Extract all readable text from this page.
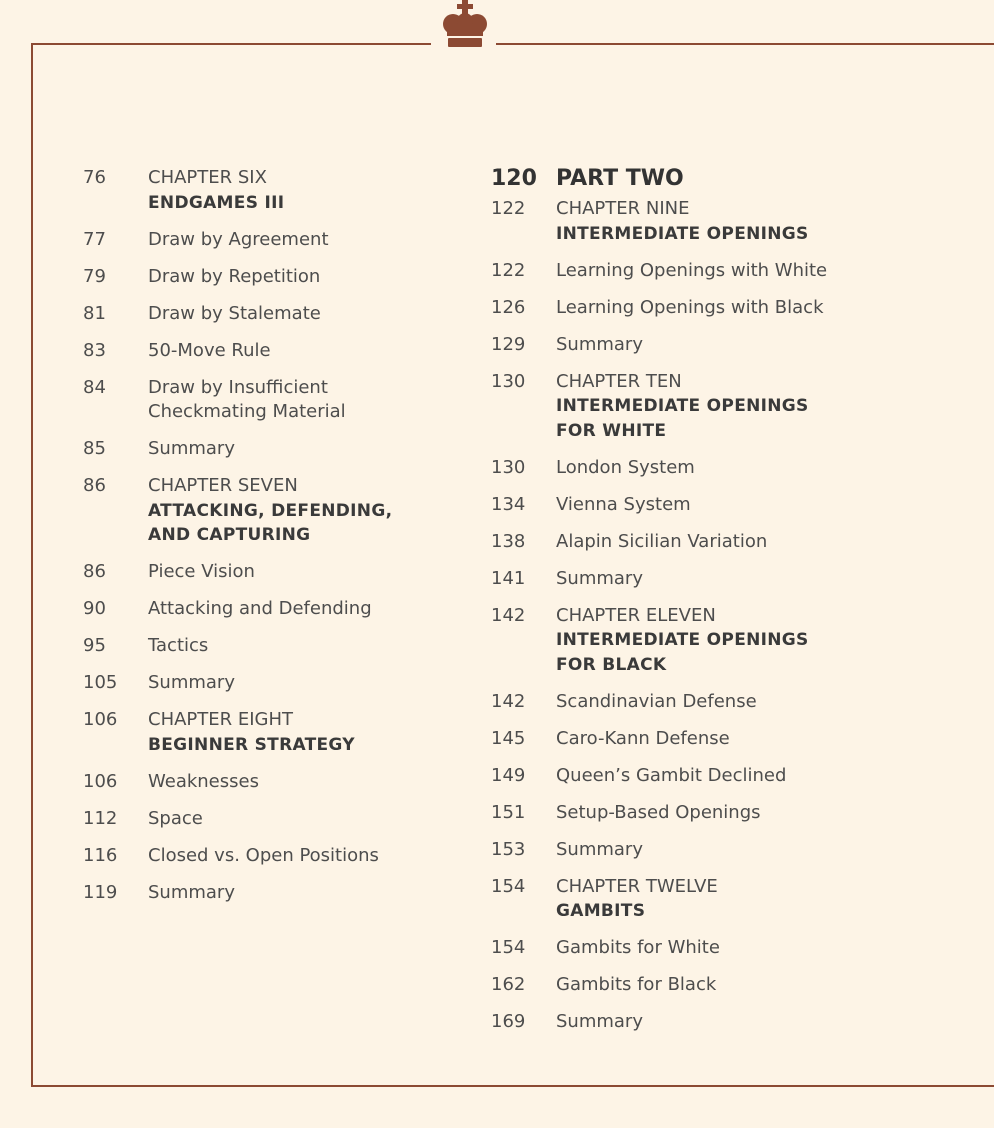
76	CHAPTER SIX
ENDGAMES III
77	Draw by Agreement
79	Draw by Repetition
81	Draw by Stalemate
83	50-Move Rule
84	Draw by Insufficient
Checkmating Material
85	Summary
86	CHAPTER SEVEN
ATTACKING, DEFENDING,
AND CAPTURING
86	Piece Vision
90	Attacking and Defending
95	Tactics
105	Summary
106	CHAPTER EIGHT
BEGINNER STRATEGY
106	Weaknesses
112	Space
116	Closed vs. Open Positions
119	Summary
120 PART TWO
122	CHAPTER NINE
INTERMEDIATE OPENINGS
122	Learning Openings with White
126	Learning Openings with Black
129	Summary
130	CHAPTER TEN
INTERMEDIATE OPENINGS
FOR WHITE
130	London System
134	Vienna System
138	Alapin Sicilian Variation
141	Summary
142	CHAPTER ELEVEN
INTERMEDIATE OPENINGS
FOR BLACK
142	Scandinavian Defense
145	Caro-Kann Defense
149	Queen’s Gambit Declined
151	Setup-Based Openings
153	Summary
154	CHAPTER TWELVE
GAMBITS
154	Gambits for White
162	Gambits for Black
169	Summary
